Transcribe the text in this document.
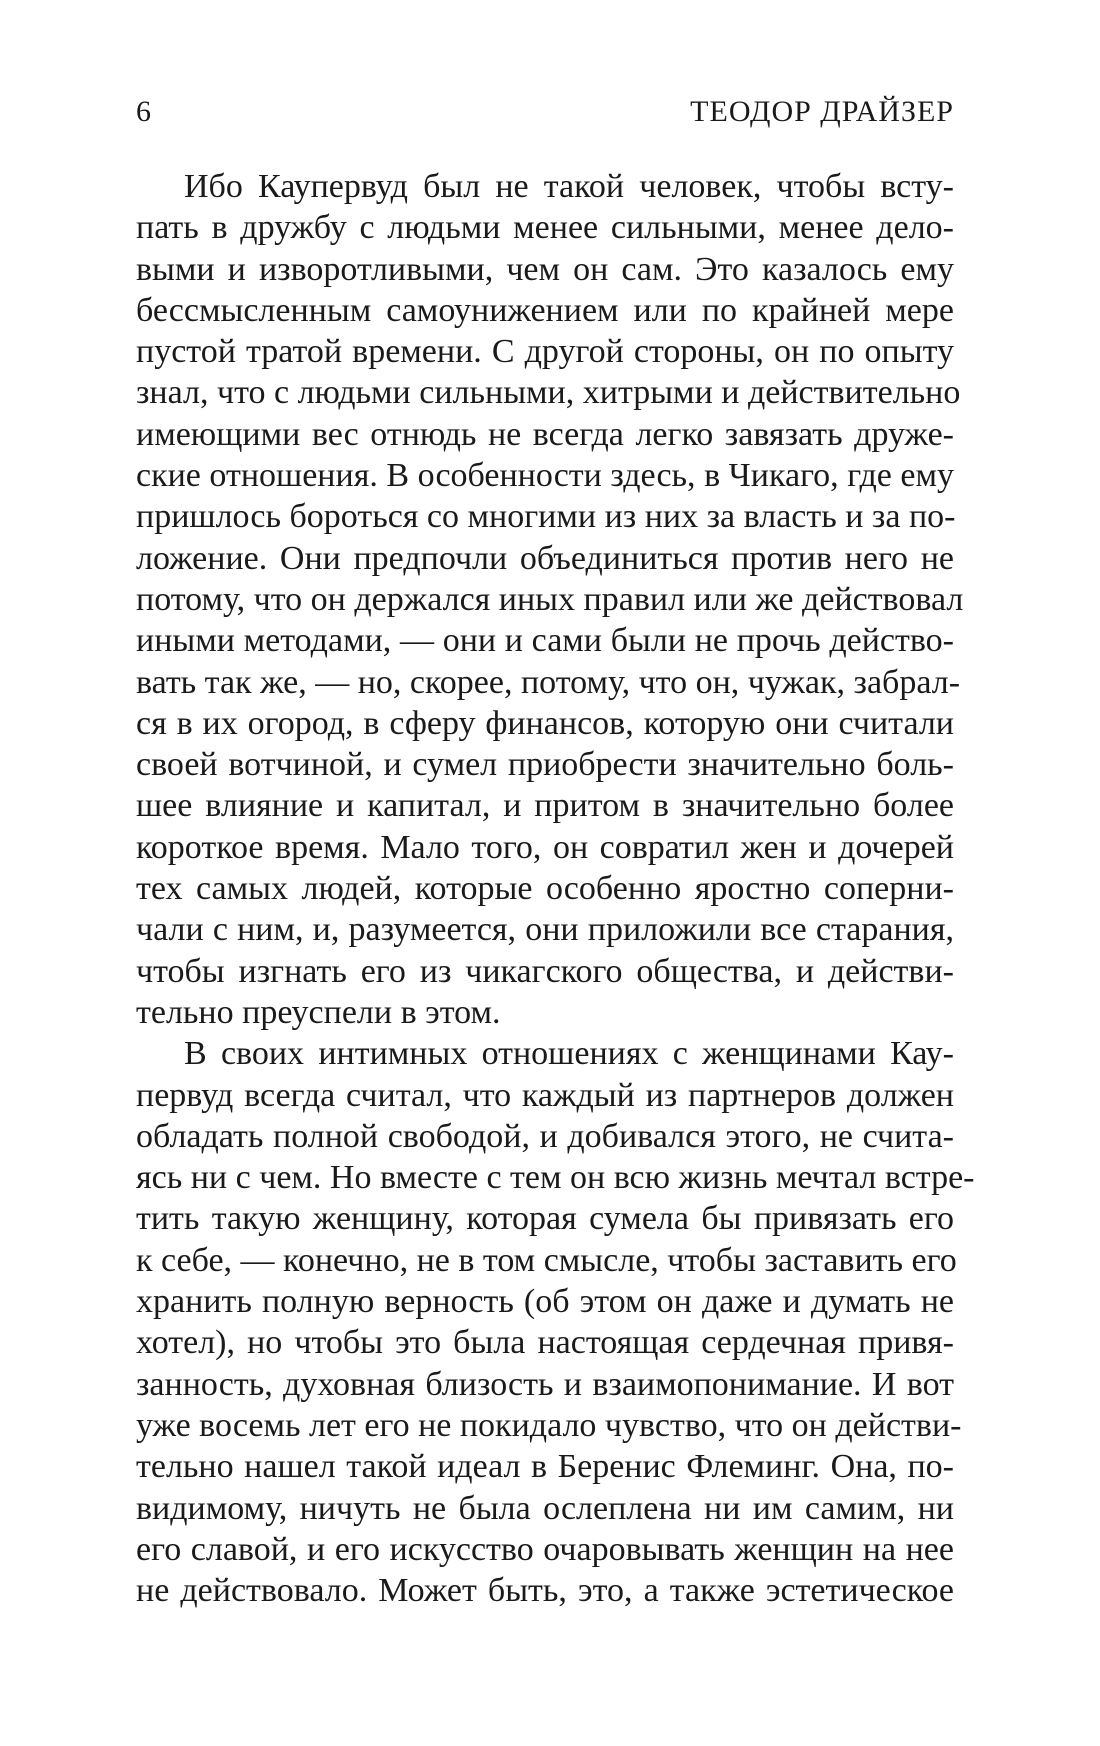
6	ТЕОДОР ДРАЙЗЕР
Ибо Каупервуд был не такой человек, чтобы всту-
пать в дружбу с людьми менее сильными, менее дело-
выми и изворотливыми, чем он сам. Это казалось ему
бессмысленным самоунижением или по крайней мере
пустой тратой времени. С другой стороны, он по опыту
знал, что с людьми сильными, хитрыми и действительно
имеющими вес отнюдь не всегда легко завязать друже-
ские отношения. В особенности здесь, в Чикаго, где ему
пришлось бороться со многими из них за власть и за по-
ложение. Они предпочли объединиться против него не
потому, что он держался иных правил или же действовал
иными методами, — они и сами были не прочь действо-
вать так же, — но, скорее, потому, что он, чужак, забрал-
ся в их огород, в сферу финансов, которую они считали
своей вотчиной, и сумел приобрести значительно боль-
шее влияние и капитал, и притом в значительно более
короткое время. Мало того, он совратил жен и дочерей
тех самых людей, которые особенно яростно соперни-
чали с ним, и, разумеется, они приложили все старания,
чтобы изгнать его из чикагского общества, и действи-
тельно преуспели в этом.
В своих интимных отношениях с женщинами Кау-
первуд всегда считал, что каждый из партнеров должен
обладать полной свободой, и добивался этого, не счита-
ясь ни с чем. Но вместе с тем он всю жизнь мечтал встре-
тить такую женщину, которая сумела бы привязать его
к себе, — конечно, не в том смысле, чтобы заставить его
хранить полную верность (об этом он даже и думать не
хотел), но чтобы это была настоящая сердечная привя-
занность, духовная близость и взаимопонимание. И вот
уже восемь лет его не покидало чувство, что он действи-
тельно нашел такой идеал в Беренис Флеминг. Она, по-
видимому, ничуть не была ослеплена ни им самим, ни
его славой, и его искусство очаровывать женщин на нее
не действовало. Может быть, это, а также эстетическое
